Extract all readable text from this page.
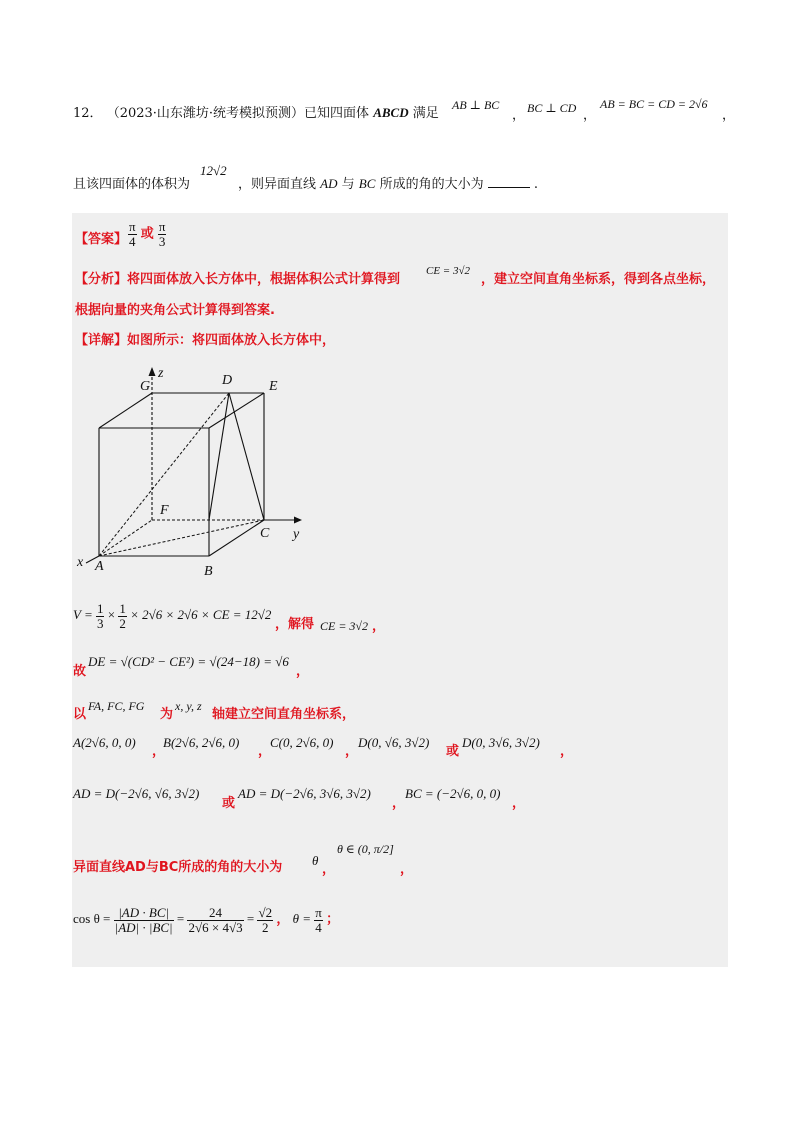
12． （2023·山东潍坊·统考模拟预测）已知四面体 ABCD 满足
AB ⊥ BC
， BC ⊥ CD ，
AB = BC = CD = 2√6
，
且该四面体的体积为
12√2
，则异面直线 AD 与 BC 所成的角的大小为	.
【答案】 $\frac{\pi}{4}$ 或 $\frac{\pi}{3}$
【分析】将四面体放入长方体中，根据体积公式计算得到
CE = 3√2
，建立空间直角坐标系，得到各点坐标，
根据向量的夹角公式计算得到答案.
【详解】如图所示：将四面体放入长方体中，
G
z	D	E
F
C y
x A	B
$V = \frac{1}{3} \times \frac{1}{2} \times 2√6 \times 2√6$ × CE = 12√2
，解得 CE = 3√2 ，
故
DE = √(CD² − CE²) = √(24−18) = √6
，
以
FA, FC, FG
为
x, y, z
轴建立空间直角坐标系，
A(2√6, 0, 0)
，
B(2√6, 2√6, 0)
，
C(0, 2√6, 0)
，
D(0, √6, 3√2)
或
D(0, 3√6, 3√2)
，
AD = D(−2√6, √6, 3√2)
或
AD = D(−2√6, 3√6, 3√2)
，
BC = (−2√6, 0, 0)
，
异面直线AD与BC所成的角的大小为 θ
，
θ ∈ (0, π/2]
，
$\cos \theta = \frac{|AD \cdot BC|}{|AD| \cdot |BC|} = \frac{24}{2√6 \times 4√3} = \frac{√2}{2}$ ， $\theta = \frac{\pi}{4}$ ；
